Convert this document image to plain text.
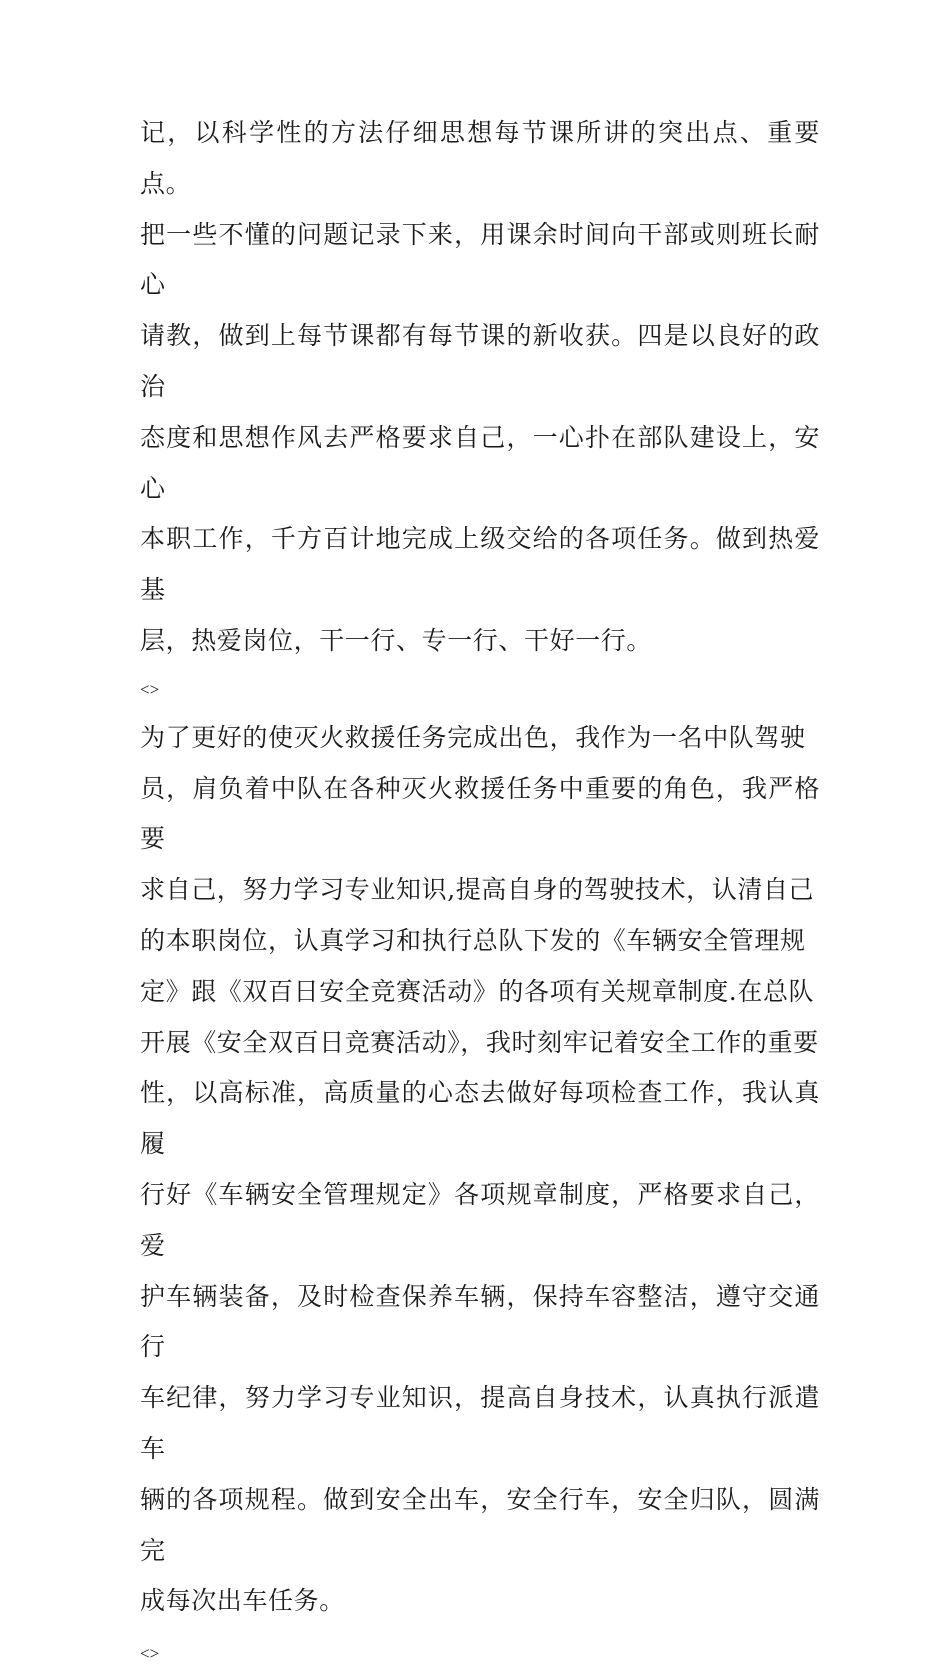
记，以科学性的方法仔细思想每节课所讲的突出点、重要点。
把一些不懂的问题记录下来，用课余时间向干部或则班长耐心
请教，做到上每节课都有每节课的新收获。四是以良好的政治
态度和思想作风去严格要求自己，一心扑在部队建设上，安心
本职工作，千方百计地完成上级交给的各项任务。做到热爱基
层，热爱岗位，干一行、专一行、干好一行。

<>

为了更好的使灭火救援任务完成出色，我作为一名中队驾驶
员，肩负着中队在各种灭火救援任务中重要的角色，我严格要
求自己，努力学习专业知识,提高自身的驾驶技术，认清自己
的本职岗位，认真学习和执行总队下发的《车辆安全管理规
定》跟《双百日安全竞赛活动》的各项有关规章制度.在总队
开展《安全双百日竞赛活动》，我时刻牢记着安全工作的重要
性，以高标准，高质量的心态去做好每项检查工作，我认真履
行好《车辆安全管理规定》各项规章制度，严格要求自己，爱
护车辆装备，及时检查保养车辆，保持车容整洁，遵守交通行
车纪律，努力学习专业知识，提高自身技术，认真执行派遣车
辆的各项规程。做到安全出车，安全行车，安全归队，圆满完
成每次出车任务。

<>
